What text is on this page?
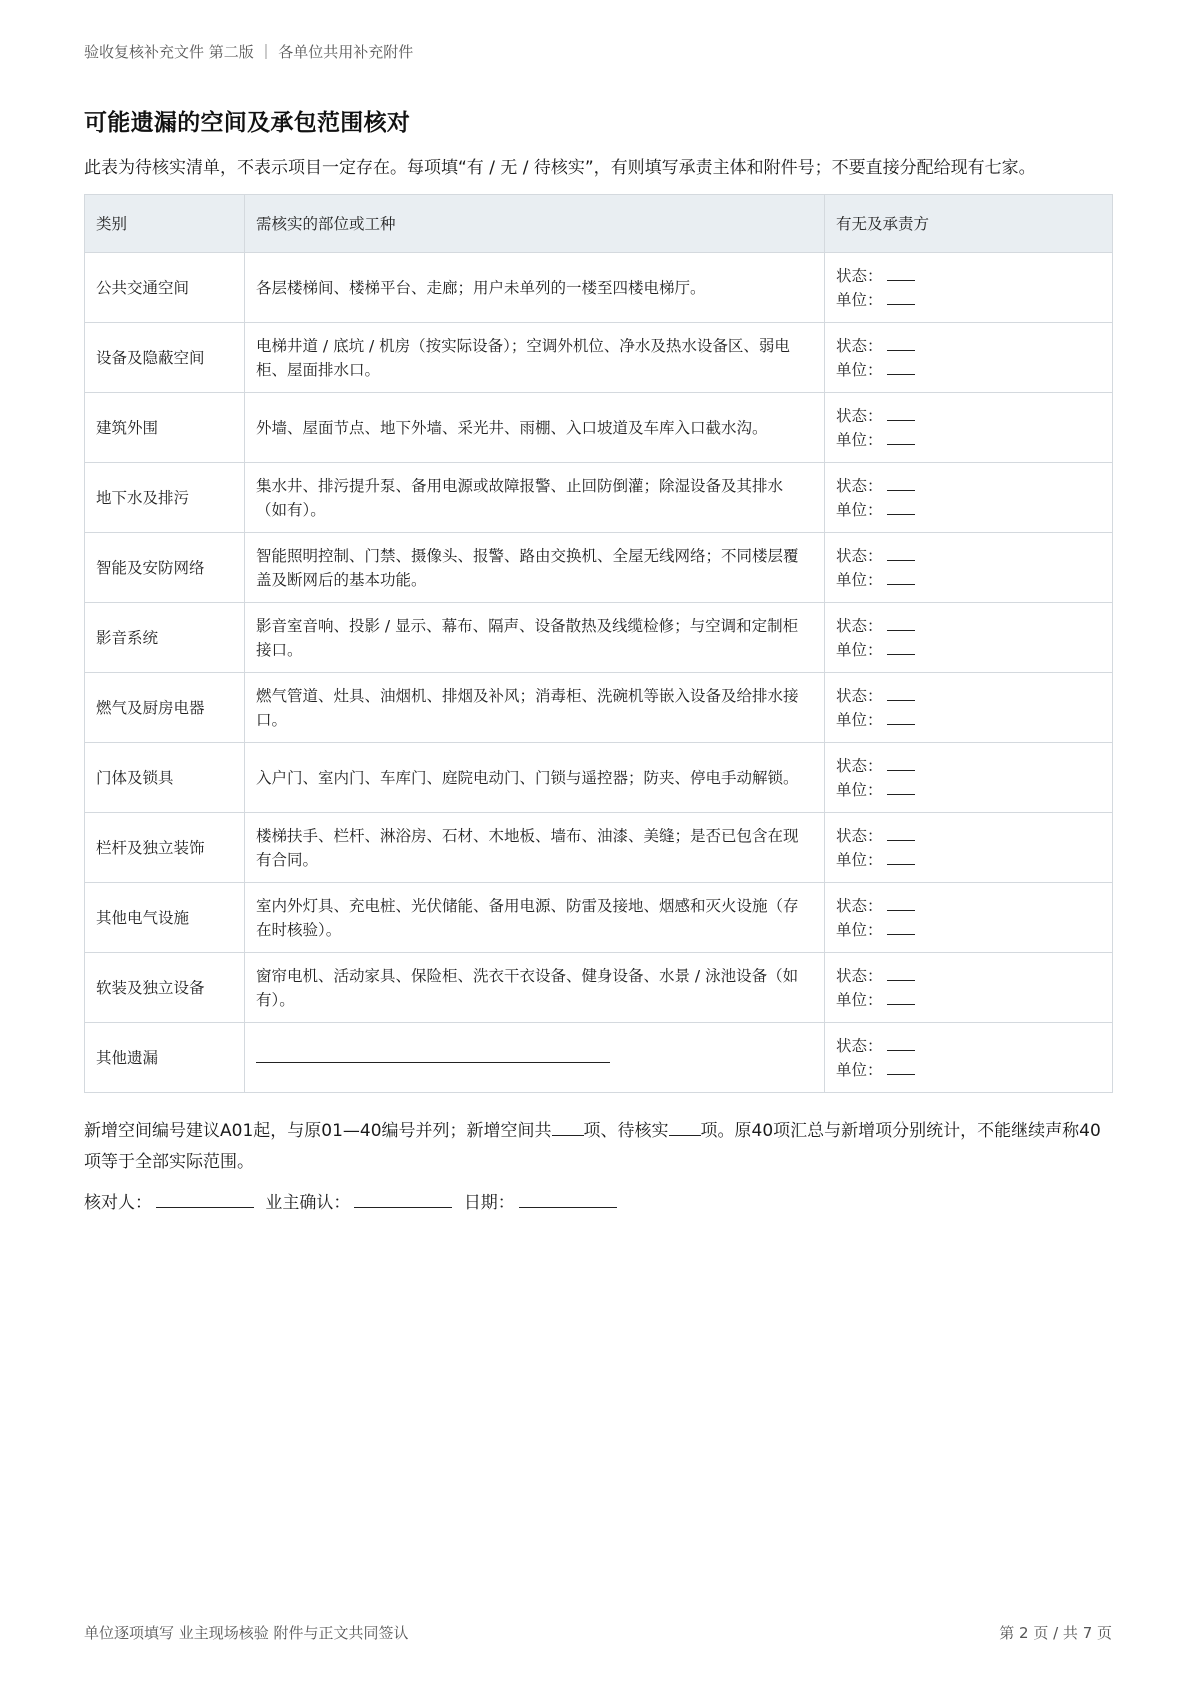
验收复核补充文件 第二版 ｜ 各单位共用补充附件
可能遗漏的空间及承包范围核对
此表为待核实清单，不表示项目一定存在。每项填“有 / 无 / 待核实”，有则填写承责主体和附件号；不要直接分配给现有七家。
类别	需核实的部位或工种	有无及承责方
公共交通空间	各层楼梯间、楼梯平台、走廊；用户未单列的一楼至四楼电梯厅。	状态：
单位：

设备及隐蔽空间	电梯井道 / 底坑 / 机房（按实际设备）；空调外机位、净水及热水设备区、弱电柜、屋面排水口。	状态：
单位：

建筑外围	外墙、屋面节点、地下外墙、采光井、雨棚、入口坡道及车库入口截水沟。	状态：
单位：

地下水及排污	集水井、排污提升泵、备用电源或故障报警、止回防倒灌；除湿设备及其排水（如有）。	状态：
单位：

智能及安防网络	智能照明控制、门禁、摄像头、报警、路由交换机、全屋无线网络；不同楼层覆盖及断网后的基本功能。	状态：
单位：

影音系统	影音室音响、投影 / 显示、幕布、隔声、设备散热及线缆检修；与空调和定制柜接口。	状态：
单位：

燃气及厨房电器	燃气管道、灶具、油烟机、排烟及补风；消毒柜、洗碗机等嵌入设备及给排水接口。	状态：
单位：

门体及锁具	入户门、室内门、车库门、庭院电动门、门锁与遥控器；防夹、停电手动解锁。	状态：
单位：

栏杆及独立装饰	楼梯扶手、栏杆、淋浴房、石材、木地板、墙布、油漆、美缝；是否已包含在现有合同。	状态：
单位：

其他电气设施	室内外灯具、充电桩、光伏储能、备用电源、防雷及接地、烟感和灭火设施（存在时核验）。	状态：
单位：

软装及独立设备	窗帘电机、活动家具、保险柜、洗衣干衣设备、健身设备、水景 / 泳池设备（如有）。	状态：
单位：

其他遗漏		状态：
单位：
新增空间编号建议A01起，与原01—40编号并列；新增空间共 项、待核实 项。原40项汇总与新增项分别统计，不能继续声称40项等于全部实际范围。
核对人：	业主确认：	日期：
单位逐项填写 业主现场核验 附件与正文共同签认	第 2 页 / 共 7 页
